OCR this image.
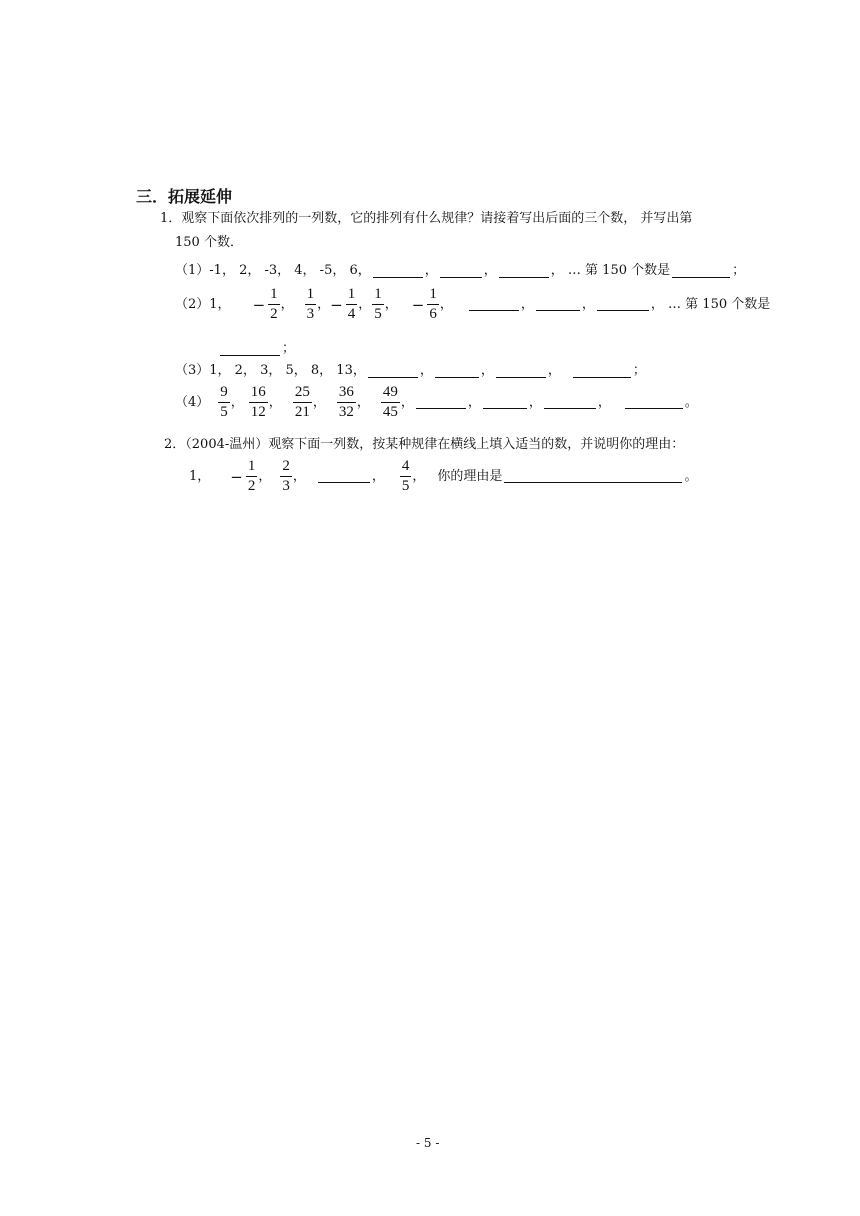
三．拓展延伸
1．观察下面依次排列的一列数，它的排列有什么规律？请接着写出后面的三个数， 并写出第
150 个数．
（1） -1， 2， -3， 4， -5， 6，	，	，	， … 第 150 个数是	；
（2） 1， − $\frac{1}{2}$ ， $\frac{1}{3}$ ， − $\frac{1}{4}$ ， $\frac{1}{5}$ ， − $\frac{1}{6}$ ，	，	，	， … 第 150 个数是
；
（3） 1， 2， 3， 5， 8， 13，	，	，	，	；
$(4) \frac{9}{5}$ ， $\frac{16}{12}$ ， $\frac{25}{21}$ ， $\frac{36}{32}$ ， $\frac{49}{45}$ ，	，	，	，	。
2．（2004-温州）观察下面一列数，按某种规律在横线上填入适当的数，并说明你的理由：
1， − $\frac{1}{2}$ ， $\frac{2}{3}$ ，	， $\frac{4}{5}$ ， 你的理由是	。
- 5 -
